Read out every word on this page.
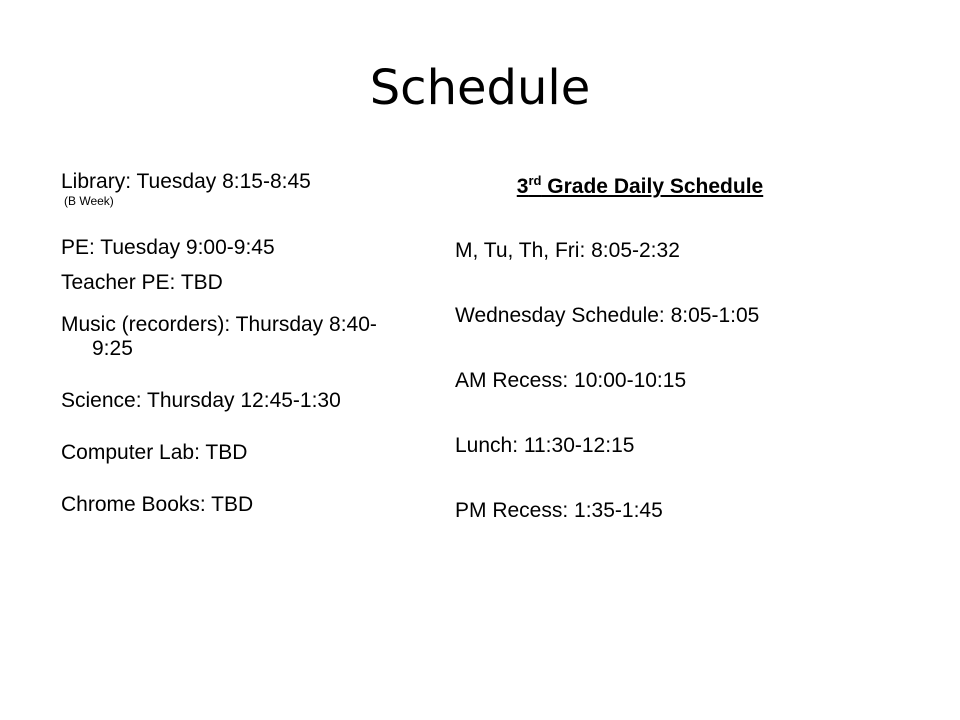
Schedule

Library: Tuesday 8:15-8:45
(B Week)

PE: Tuesday 9:00-9:45

Teacher PE: TBD

Music (recorders): Thursday 8:40-9:25

Science: Thursday 12:45-1:30

Computer Lab: TBD

Chrome Books: TBD

3rd Grade Daily Schedule

M, Tu, Th, Fri: 8:05-2:32

Wednesday Schedule: 8:05-1:05

AM Recess: 10:00-10:15

Lunch: 11:30-12:15

PM Recess: 1:35-1:45
